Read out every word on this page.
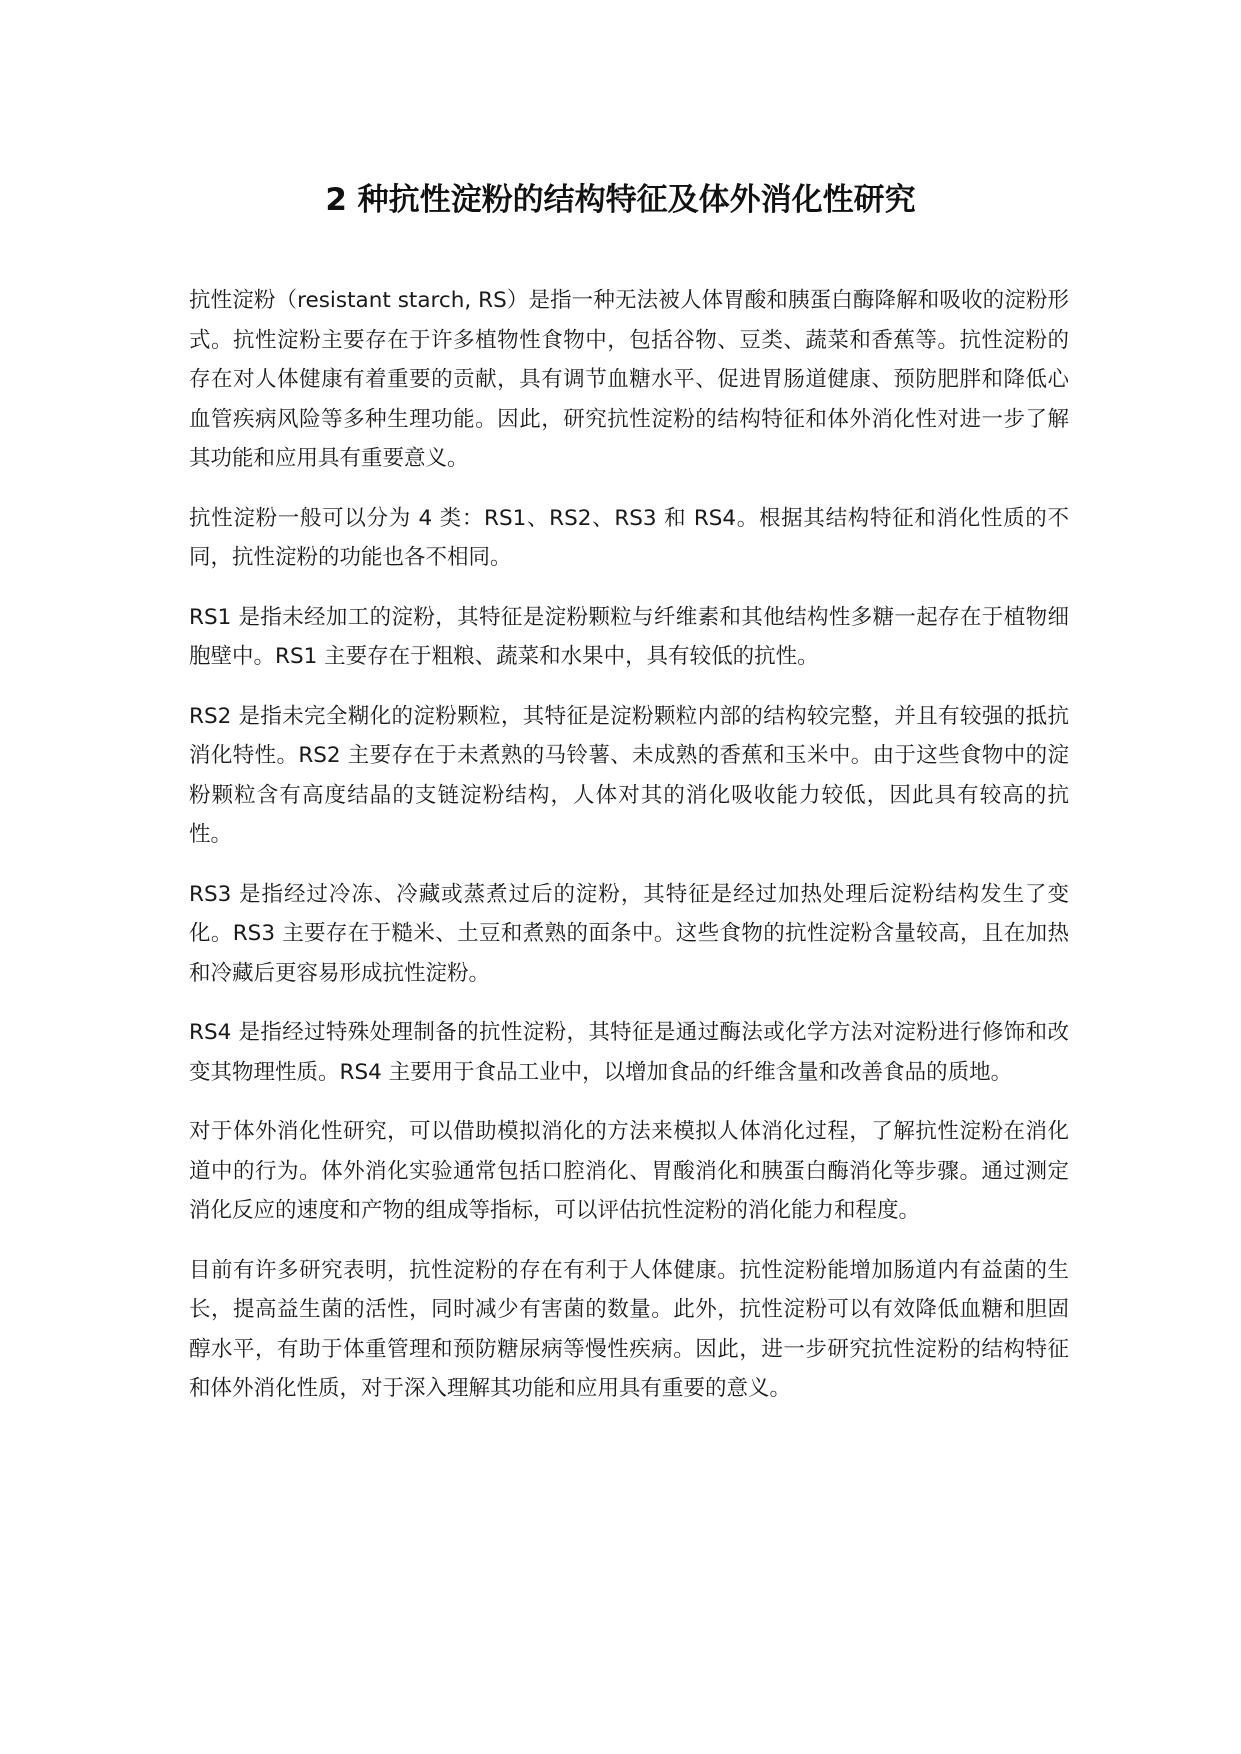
2 种抗性淀粉的结构特征及体外消化性研究

抗性淀粉（resistant starch, RS）是指一种无法被人体胃酸和胰蛋白酶降解和吸收的淀粉形式。抗性淀粉主要存在于许多植物性食物中，包括谷物、豆类、蔬菜和香蕉等。抗性淀粉的存在对人体健康有着重要的贡献，具有调节血糖水平、促进胃肠道健康、预防肥胖和降低心血管疾病风险等多种生理功能。因此，研究抗性淀粉的结构特征和体外消化性对进一步了解其功能和应用具有重要意义。

抗性淀粉一般可以分为 4 类：RS1、RS2、RS3 和 RS4。根据其结构特征和消化性质的不同，抗性淀粉的功能也各不相同。

RS1 是指未经加工的淀粉，其特征是淀粉颗粒与纤维素和其他结构性多糖一起存在于植物细胞壁中。RS1 主要存在于粗粮、蔬菜和水果中，具有较低的抗性。

RS2 是指未完全糊化的淀粉颗粒，其特征是淀粉颗粒内部的结构较完整，并且有较强的抵抗消化特性。RS2 主要存在于未煮熟的马铃薯、未成熟的香蕉和玉米中。由于这些食物中的淀粉颗粒含有高度结晶的支链淀粉结构，人体对其的消化吸收能力较低，因此具有较高的抗性。

RS3 是指经过冷冻、冷藏或蒸煮过后的淀粉，其特征是经过加热处理后淀粉结构发生了变化。RS3 主要存在于糙米、土豆和煮熟的面条中。这些食物的抗性淀粉含量较高，且在加热和冷藏后更容易形成抗性淀粉。

RS4 是指经过特殊处理制备的抗性淀粉，其特征是通过酶法或化学方法对淀粉进行修饰和改变其物理性质。RS4 主要用于食品工业中，以增加食品的纤维含量和改善食品的质地。

对于体外消化性研究，可以借助模拟消化的方法来模拟人体消化过程，了解抗性淀粉在消化道中的行为。体外消化实验通常包括口腔消化、胃酸消化和胰蛋白酶消化等步骤。通过测定消化反应的速度和产物的组成等指标，可以评估抗性淀粉的消化能力和程度。

目前有许多研究表明，抗性淀粉的存在有利于人体健康。抗性淀粉能增加肠道内有益菌的生长，提高益生菌的活性，同时减少有害菌的数量。此外，抗性淀粉可以有效降低血糖和胆固醇水平，有助于体重管理和预防糖尿病等慢性疾病。因此，进一步研究抗性淀粉的结构特征和体外消化性质，对于深入理解其功能和应用具有重要的意义。
